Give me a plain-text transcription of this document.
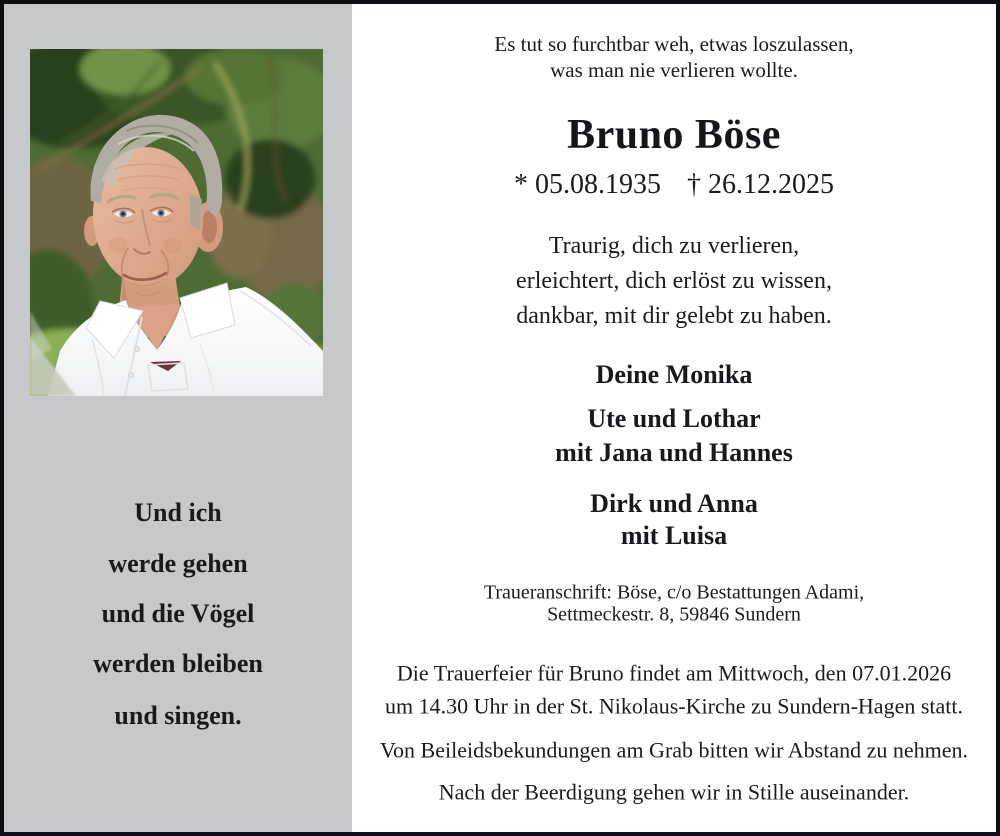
Und ich

werde gehen

und die Vögel

werden bleiben

und singen.

Es tut so furchtbar weh, etwas loszulassen,

was man nie verlieren wollte.

Bruno Böse

* 05.08.1935 † 26.12.2025

Traurig, dich zu verlieren,

erleichtert, dich erlöst zu wissen,

dankbar, mit dir gelebt zu haben.

Deine Monika

Ute und Lothar

mit Jana und Hannes

Dirk und Anna

mit Luisa

Traueranschrift: Böse, c/o Bestattungen Adami,

Settmeckestr. 8, 59846 Sundern

Die Trauerfeier für Bruno findet am Mittwoch, den 07.01.2026

um 14.30 Uhr in der St. Nikolaus-Kirche zu Sundern-Hagen statt.

Von Beileidsbekundungen am Grab bitten wir Abstand zu nehmen.

Nach der Beerdigung gehen wir in Stille auseinander.
